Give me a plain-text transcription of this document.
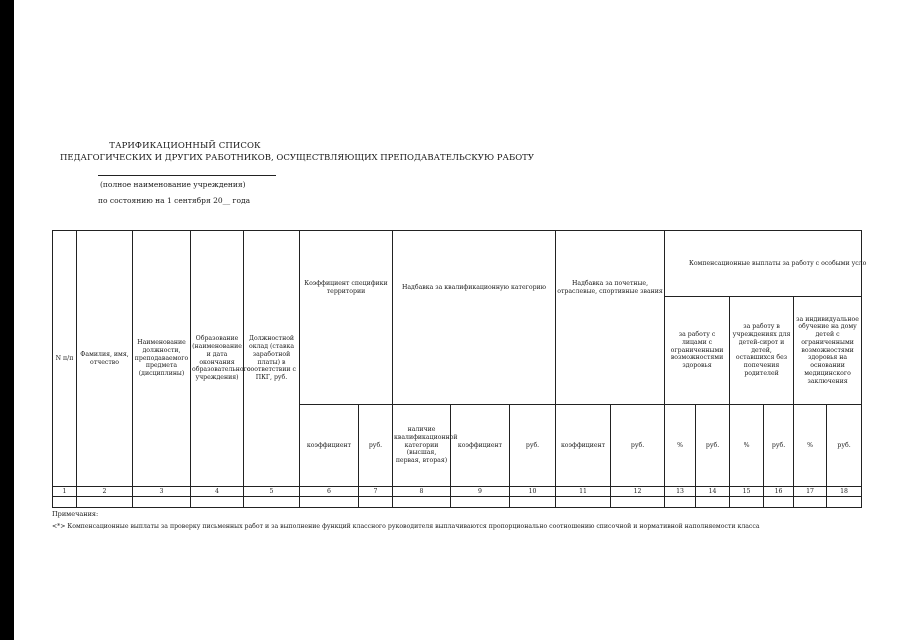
ТАРИФИКАЦИОННЫЙ СПИСОК
ПЕДАГОГИЧЕСКИХ И ДРУГИХ РАБОТНИКОВ, ОСУЩЕСТВЛЯЮЩИХ ПРЕПОДАВАТЕЛЬСКУЮ РАБОТУ
(полное наименование учреждения)
по состоянию на 1 сентября 20__ года
N п/п	Фамилия, имя, отчество	Наименование должности, преподаваемого предмета (дисциплины)	Образование (наименование и дата окончания образовательного учреждения)	Должностной оклад (ставка заработной платы) в соответствии с ПКГ, руб.	Коэффициент специфики территории		Надбавка за квалификационную категорию			Надбавка за почетные, отраслевые, спортивные звания		Компенсационные выплаты за работу с особыми усло					
												за работу с лицами с ограниченными возможностями здоровья		за работу в учреждениях для детей-сирот и детей, оставшихся без попечения родителей		за индивидуальное обучение на дому детей с ограниченными возможностями здоровья на основании медицинского заключения	
					коэффициент	руб.	наличие квалификационной категории (высшая, первая, вторая)	коэффициент	руб.	коэффициент	руб.	%	руб.	%	руб.	%	руб.
1	2	3	4	5	6	7	8	9	10	11	12	13	14	15	16	17	18

Примечания:
<*> Компенсационные выплаты за проверку письменных работ и за выполнение функций классного руководителя выплачиваются пропорционально соотношению списочной и нормативной наполняемости класса
